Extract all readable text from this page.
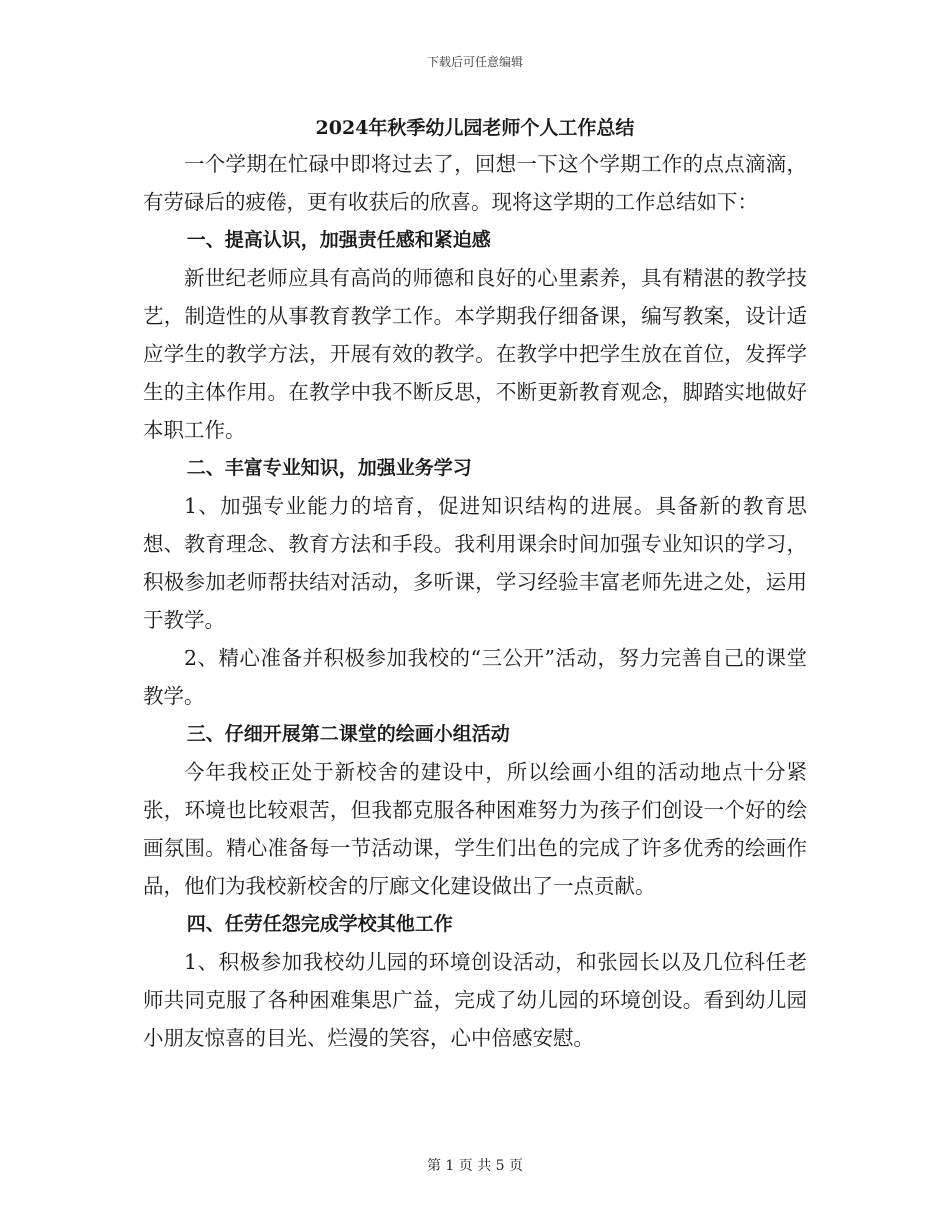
下载后可任意编辑
2024年秋季幼儿园老师个人工作总结

一个学期在忙碌中即将过去了，回想一下这个学期工作的点点滴滴，有劳碌后的疲倦，更有收获后的欣喜。现将这学期的工作总结如下：

一、提高认识，加强责任感和紧迫感

新世纪老师应具有高尚的师德和良好的心里素养，具有精湛的教学技艺，制造性的从事教育教学工作。本学期我仔细备课，编写教案，设计适应学生的教学方法，开展有效的教学。在教学中把学生放在首位，发挥学生的主体作用。在教学中我不断反思，不断更新教育观念，脚踏实地做好本职工作。

二、丰富专业知识，加强业务学习

1、加强专业能力的培育，促进知识结构的进展。具备新的教育思想、教育理念、教育方法和手段。我利用课余时间加强专业知识的学习，积极参加老师帮扶结对活动，多听课，学习经验丰富老师先进之处，运用于教学。

2、精心准备并积极参加我校的“三公开”活动，努力完善自己的课堂教学。

三、仔细开展第二课堂的绘画小组活动

今年我校正处于新校舍的建设中，所以绘画小组的活动地点十分紧张，环境也比较艰苦，但我都克服各种困难努力为孩子们创设一个好的绘画氛围。精心准备每一节活动课，学生们出色的完成了许多优秀的绘画作品，他们为我校新校舍的厅廊文化建设做出了一点贡献。

四、任劳任怨完成学校其他工作

1、积极参加我校幼儿园的环境创设活动，和张园长以及几位科任老师共同克服了各种困难集思广益，完成了幼儿园的环境创设。看到幼儿园小朋友惊喜的目光、烂漫的笑容，心中倍感安慰。

第 1 页 共 5 页
